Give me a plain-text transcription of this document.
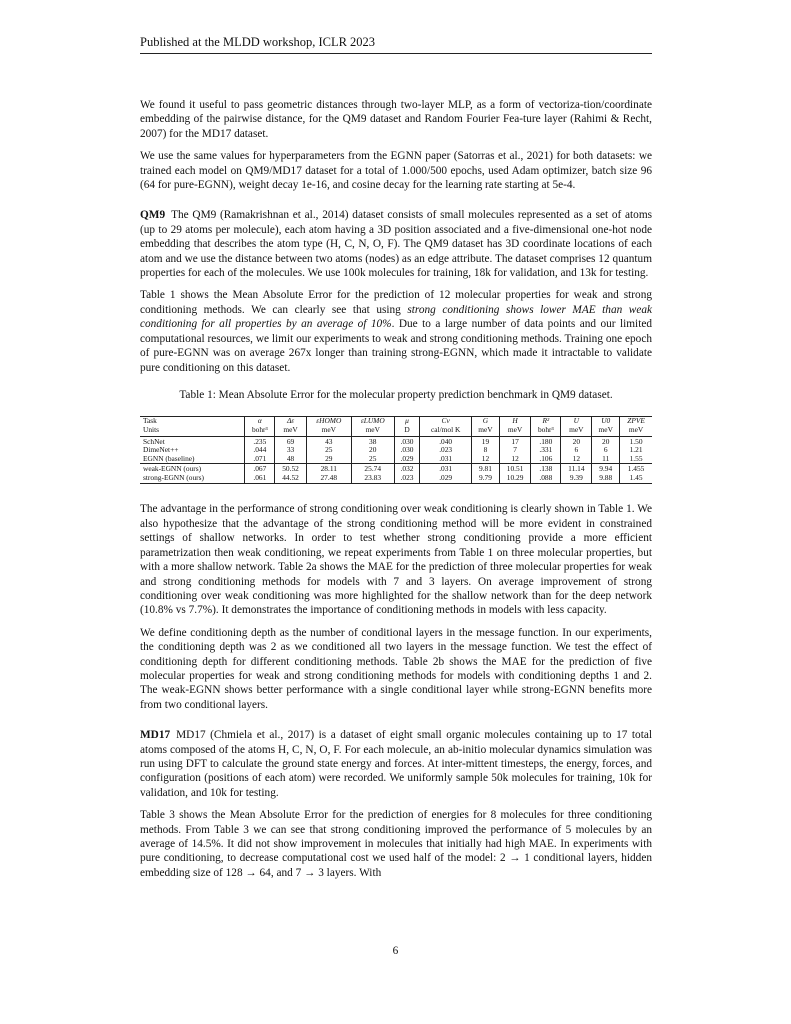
Published at the MLDD workshop, ICLR 2023

We found it useful to pass geometric distances through two-layer MLP, as a form of vectoriza-tion/coordinate embedding of the pairwise distance, for the QM9 dataset and Random Fourier Fea-ture layer (Rahimi & Recht, 2007) for the MD17 dataset.

We use the same values for hyperparameters from the EGNN paper (Satorras et al., 2021) for both datasets: we trained each model on QM9/MD17 dataset for a total of 1.000/500 epochs, used Adam optimizer, batch size 96 (64 for pure-EGNN), weight decay 1e-16, and cosine decay for the learning rate starting at 5e-4.

QM9 The QM9 (Ramakrishnan et al., 2014) dataset consists of small molecules represented as a set of atoms (up to 29 atoms per molecule), each atom having a 3D position associated and a five-dimensional one-hot node embedding that describes the atom type (H, C, N, O, F). The QM9 dataset has 3D coordinate locations of each atom and we use the distance between two atoms (nodes) as an edge attribute. The dataset comprises 12 quantum properties for each of the molecules. We use 100k molecules for training, 18k for validation, and 13k for testing.

Table 1 shows the Mean Absolute Error for the prediction of 12 molecular properties for weak and strong conditioning methods. We can clearly see that using strong conditioning shows lower MAE than weak conditioning for all properties by an average of 10%. Due to a large number of data points and our limited computational resources, we limit our experiments to weak and strong conditioning methods. Training one epoch of pure-EGNN was on average 267x longer than training strong-EGNN, which made it intractable to validate pure conditioning on this dataset.

Table 1: Mean Absolute Error for the molecular property prediction benchmark in QM9 dataset.
Task	α	Δε	εHOMO	εLUMO	μ	Cv	G	H	R²	U	U0	ZPVE
Units	bohr³	meV	meV	meV	D	cal/mol K	meV	meV	bohr³	meV	meV	meV
SchNet	.235	69	43	38	.030	.040	19	17	.180	20	20	1.50
DimeNet++	.044	33	25	20	.030	.023	8	7	.331	6	6	1.21
EGNN (baseline)	.071	48	29	25	.029	.031	12	12	.106	12	11	1.55
weak-EGNN (ours)	.067	50.52	28.11	25.74	.032	.031	9.81	10.51	.138	11.14	9.94	1.455
strong-EGNN (ours)	.061	44.52	27.48	23.83	.023	.029	9.79	10.29	.088	9.39	9.88	1.45

The advantage in the performance of strong conditioning over weak conditioning is clearly shown in Table 1. We also hypothesize that the advantage of the strong conditioning method will be more evident in constrained settings of shallow networks. In order to test whether strong conditioning provide a more efficient parametrization then weak conditioning, we repeat experiments from Table 1 on three molecular properties, but with a more shallow network. Table 2a shows the MAE for the prediction of three molecular properties for weak and strong conditioning methods for models with 7 and 3 layers. On average improvement of strong conditioning over weak conditioning was more highlighted for the shallow network than for the deep network (10.8% vs 7.7%). It demonstrates the importance of conditioning methods in models with less capacity.

We define conditioning depth as the number of conditional layers in the message function. In our experiments, the conditioning depth was 2 as we conditioned all two layers in the message function. We test the effect of conditioning depth for different conditioning methods. Table 2b shows the MAE for the prediction of five molecular properties for weak and strong conditioning methods for models with conditioning depths 1 and 2. The weak-EGNN shows better performance with a single conditional layer while strong-EGNN benefits more from two conditional layers.

MD17 MD17 (Chmiela et al., 2017) is a dataset of eight small organic molecules containing up to 17 total atoms composed of the atoms H, C, N, O, F. For each molecule, an ab-initio molecular dynamics simulation was run using DFT to calculate the ground state energy and forces. At inter-mittent timesteps, the energy, forces, and configuration (positions of each atom) were recorded. We uniformly sample 50k molecules for training, 10k for validation, and 10k for testing.

Table 3 shows the Mean Absolute Error for the prediction of energies for 8 molecules for three conditioning methods. From Table 3 we can see that strong conditioning improved the performance of 5 molecules by an average of 14.5%. It did not show improvement in molecules that initially had high MAE. In experiments with pure conditioning, to decrease computational cost we used half of the model: 2 → 1 conditional layers, hidden embedding size of 128 → 64, and 7 → 3 layers. With

6
